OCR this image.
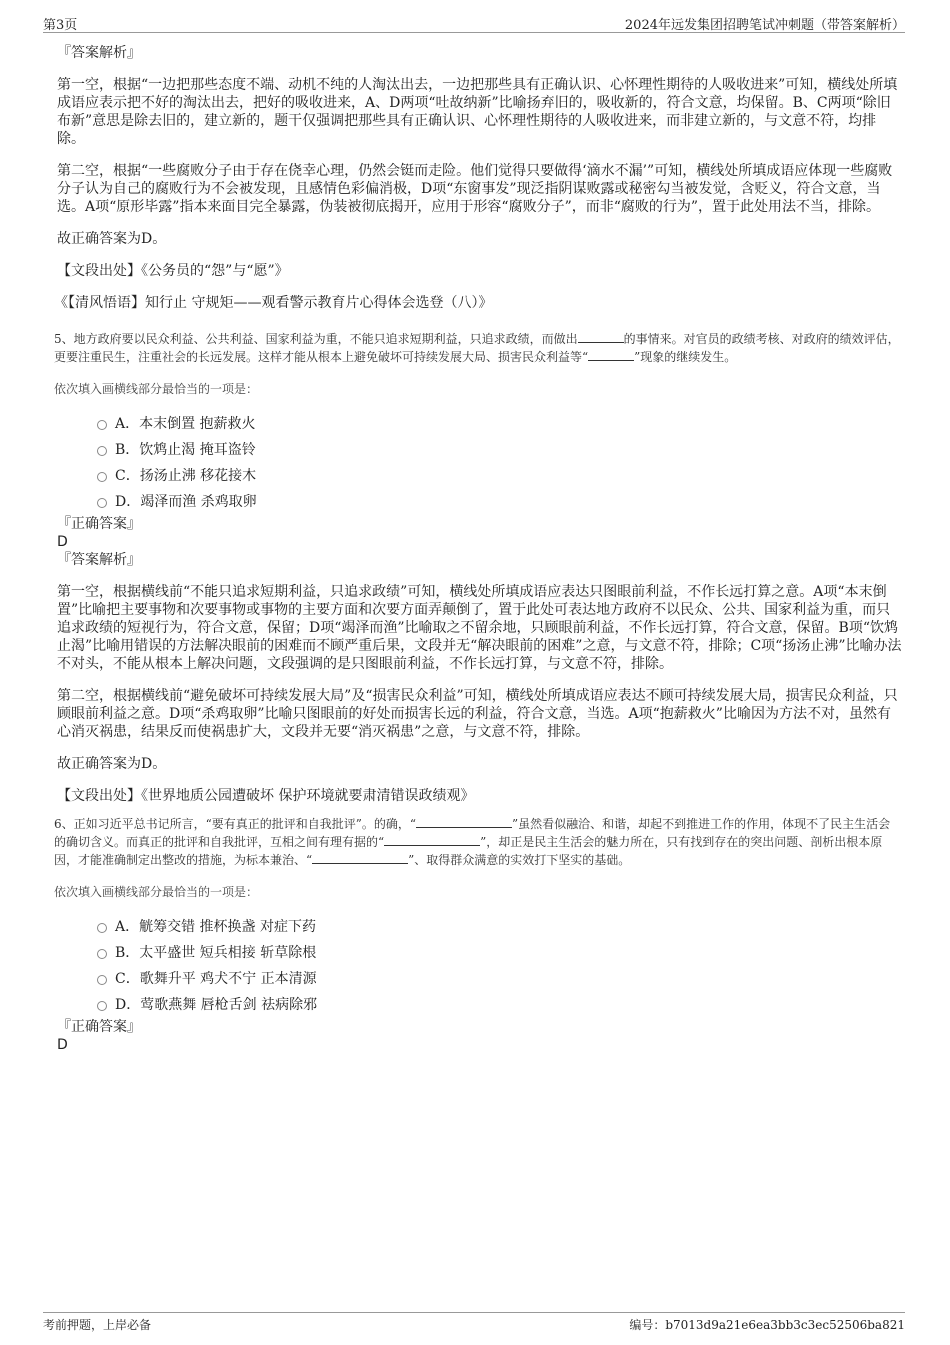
第3页	2024年远发集团招聘笔试冲刺题（带答案解析）

『答案解析』

第一空，根据“一边把那些态度不端、动机不纯的人淘汰出去，一边把那些具有正确认识、心怀理性期待的人吸收进来”可知，横线处所填成语应表示把不好的淘汰出去，把好的吸收进来，A、D两项“吐故纳新”比喻扬弃旧的，吸收新的，符合文意，均保留。B、C两项“除旧布新”意思是除去旧的，建立新的，题干仅强调把那些具有正确认识、心怀理性期待的人吸收进来，而非建立新的，与文意不符，均排除。

第二空，根据“一些腐败分子由于存在侥幸心理，仍然会铤而走险。他们觉得只要做得‘滴水不漏’”可知，横线处所填成语应体现一些腐败分子认为自己的腐败行为不会被发现，且感情色彩偏消极，D项“东窗事发”现泛指阴谋败露或秘密勾当被发觉，含贬义，符合文意，当选。A项“原形毕露”指本来面目完全暴露，伪装被彻底揭开，应用于形容“腐败分子”，而非“腐败的行为”，置于此处用法不当，排除。

故正确答案为D。

【文段出处】《公务员的“怨”与“愿”》

《【清风悟语】知行止 守规矩——观看警示教育片心得体会选登（八）》

5、地方政府要以民众利益、公共利益、国家利益为重，不能只追求短期利益，只追求政绩，而做出	的事情来。对官员的政绩考核、对政府的绩效评估，更要注重民生，注重社会的长远发展。这样才能从根本上避免破坏可持续发展大局、损害民众利益等“	”现象的继续发生。

依次填入画横线部分最恰当的一项是：

A．本末倒置 抱薪救火
B．饮鸩止渴 掩耳盗铃
C．扬汤止沸 移花接木
D．竭泽而渔 杀鸡取卵

『正确答案』

D

『答案解析』

第一空，根据横线前“不能只追求短期利益，只追求政绩”可知，横线处所填成语应表达只图眼前利益，不作长远打算之意。A项“本末倒置”比喻把主要事物和次要事物或事物的主要方面和次要方面弄颠倒了，置于此处可表达地方政府不以民众、公共、国家利益为重，而只追求政绩的短视行为，符合文意，保留；D项“竭泽而渔”比喻取之不留余地，只顾眼前利益，不作长远打算，符合文意，保留。B项“饮鸩止渴”比喻用错误的方法解决眼前的困难而不顾严重后果，文段并无“解决眼前的困难”之意，与文意不符，排除；C项“扬汤止沸”比喻办法不对头，不能从根本上解决问题，文段强调的是只图眼前利益，不作长远打算，与文意不符，排除。

第二空，根据横线前“避免破坏可持续发展大局”及“损害民众利益”可知，横线处所填成语应表达不顾可持续发展大局，损害民众利益，只顾眼前利益之意。D项“杀鸡取卵”比喻只图眼前的好处而损害长远的利益，符合文意，当选。A项“抱薪救火”比喻因为方法不对，虽然有心消灭祸患，结果反而使祸患扩大，文段并无要“消灭祸患”之意，与文意不符，排除。

故正确答案为D。

【文段出处】《世界地质公园遭破坏 保护环境就要肃清错误政绩观》

6、正如习近平总书记所言，“要有真正的批评和自我批评”。的确，“	”虽然看似融洽、和谐，却起不到推进工作的作用，体现不了民主生活会的确切含义。而真正的批评和自我批评，互相之间有理有据的“	”，却正是民主生活会的魅力所在，只有找到存在的突出问题、剖析出根本原因，才能准确制定出整改的措施，为标本兼治、“	”、取得群众满意的实效打下坚实的基础。

依次填入画横线部分最恰当的一项是：

A．觥筹交错 推杯换盏 对症下药
B．太平盛世 短兵相接 斩草除根
C．歌舞升平 鸡犬不宁 正本清源
D．莺歌燕舞 唇枪舌剑 祛病除邪

『正确答案』

D

考前押题，上岸必备	编号：b7013d9a21e6ea3bb3c3ec52506ba821
